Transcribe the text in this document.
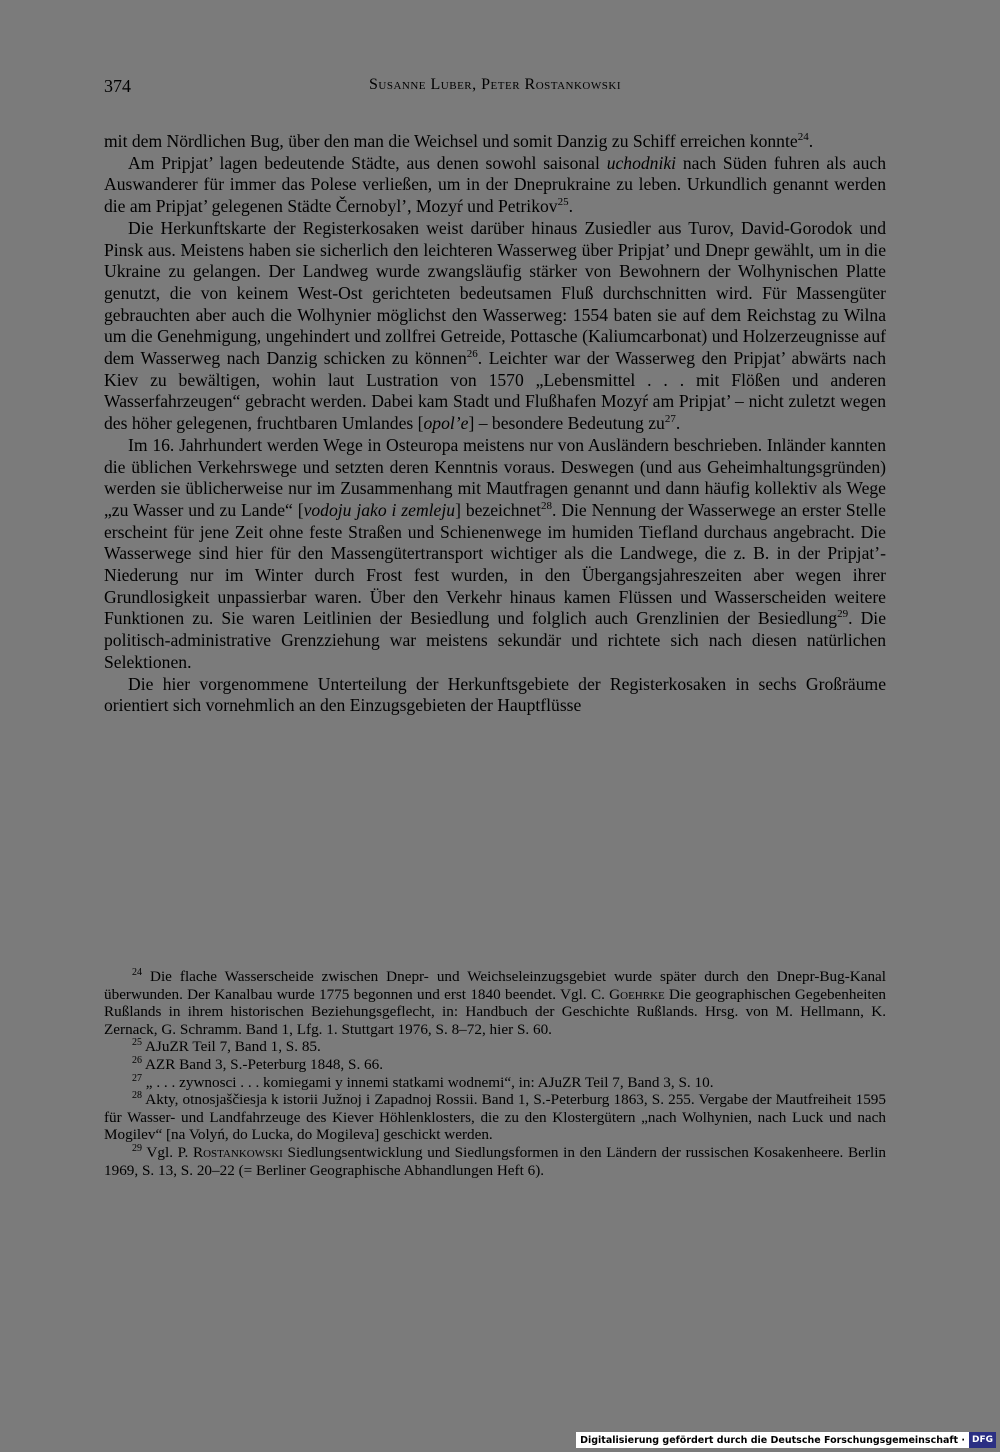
374	Susanne Luber, Peter Rostankowski

mit dem Nördlichen Bug, über den man die Weichsel und somit Danzig zu Schiff erreichen konnte$^{24}$.

Am Pripjat’ lagen bedeutende Städte, aus denen sowohl saisonal uchodniki nach Süden fuhren als auch Auswanderer für immer das Polese verließen, um in der Dneprukraine zu leben. Urkundlich genannt werden die am Pripjat’ gelegenen Städte Černobyl’, Mozyŕ und Petrikov$^{25}$.

Die Herkunftskarte der Registerkosaken weist darüber hinaus Zusiedler aus Turov, David-Gorodok und Pinsk aus. Meistens haben sie sicherlich den leichteren Wasserweg über Pripjat’ und Dnepr gewählt, um in die Ukraine zu gelangen. Der Landweg wurde zwangsläufig stärker von Bewohnern der Wolhynischen Platte genutzt, die von keinem West-Ost gerichteten bedeutsamen Fluß durchschnitten wird. Für Massengüter gebrauchten aber auch die Wolhynier möglichst den Wasserweg: 1554 baten sie auf dem Reichstag zu Wilna um die Genehmigung, ungehindert und zollfrei Getreide, Pottasche (Kaliumcarbonat) und Holzerzeugnisse auf dem Wasserweg nach Danzig schicken zu können$^{26}$. Leichter war der Wasserweg den Pripjat’ abwärts nach Kiev zu bewältigen, wohin laut Lustration von 1570 „Lebensmittel . . . mit Flößen und anderen Wasserfahrzeugen“ gebracht werden. Dabei kam Stadt und Flußhafen Mozyŕ am Pripjat’ – nicht zuletzt wegen des höher gelegenen, fruchtbaren Umlandes [opol’e] – besondere Bedeutung $zu^{27}$.

Im 16. Jahrhundert werden Wege in Osteuropa meistens nur von Ausländern beschrieben. Inländer kannten die üblichen Verkehrswege und setzten deren Kenntnis voraus. Deswegen (und aus Geheimhaltungsgründen) werden sie üblicherweise nur im Zusammenhang mit Mautfragen genannt und dann häufig kollektiv als Wege „zu Wasser und zu Lande“ [vodoju jako i zemleju] bezeichnet$^{28}$. Die Nennung der Wasserwege an erster Stelle erscheint für jene Zeit ohne feste Straßen und Schienenwege im humiden Tiefland durchaus angebracht. Die Wasserwege sind hier für den Massengütertransport wichtiger als die Landwege, die z. B. in der Pripjat’-Niederung nur im Winter durch Frost fest wurden, in den Übergangsjahreszeiten aber wegen ihrer Grundlosigkeit unpassierbar waren. Über den Verkehr hinaus kamen Flüssen und Wasserscheiden weitere Funktionen zu. Sie waren Leitlinien der Besiedlung und folglich auch Grenzlinien der Besiedlung$^{29}$. Die politisch-administrative Grenzziehung war meistens sekundär und richtete sich nach diesen natürlichen Selektionen.

Die hier vorgenommene Unterteilung der Herkunftsgebiete der Registerkosaken in sechs Großräume orientiert sich vornehmlich an den Einzugsgebieten der Hauptflüsse

$^{24}$ Die flache Wasserscheide zwischen Dnepr- und Weichseleinzugsgebiet wurde später durch den Dnepr-Bug-Kanal überwunden. Der Kanalbau wurde 1775 begonnen und erst 1840 beendet. Vgl. C. Goehrke Die geographischen Gegebenheiten Rußlands in ihrem historischen Beziehungsgeflecht, in: Handbuch der Geschichte Rußlands. Hrsg. von M. Hellmann, K. Zernack, G. Schramm. Band 1, Lfg. 1. Stuttgart 1976, S. 8–72, hier S. 60.

$^{25}$ AJuZR Teil 7, Band 1, S. 85.

$^{26}$ AZR Band 3, S.-Peterburg 1848, S. 66.

$^{27}$ „ . . . zywnosci . . . komiegami y innemi statkami wodnemi“, in: AJuZR Teil 7, Band 3, S. 10.

$^{28}$ Akty, otnosjaščiesja k istorii Južnoj i Zapadnoj Rossii. Band 1, S.-Peterburg 1863, S. 255. Vergabe der Mautfreiheit 1595 für Wasser- und Landfahrzeuge des Kiever Höhlenklosters, die zu den Klostergütern „nach Wolhynien, nach Luck und nach Mogilev“ [na Volyń, do Lucka, do Mogileva] geschickt werden.

$^{29}$ Vgl. P. Rostankowski Siedlungsentwicklung und Siedlungsformen in den Ländern der russischen Kosakenheere. Berlin 1969, S. 13, S. 20–22 (= Berliner Geographische Abhandlungen Heft 6).

Digitalisierung gefördert durch die Deutsche Forschungsgemeinschaft · DFG
